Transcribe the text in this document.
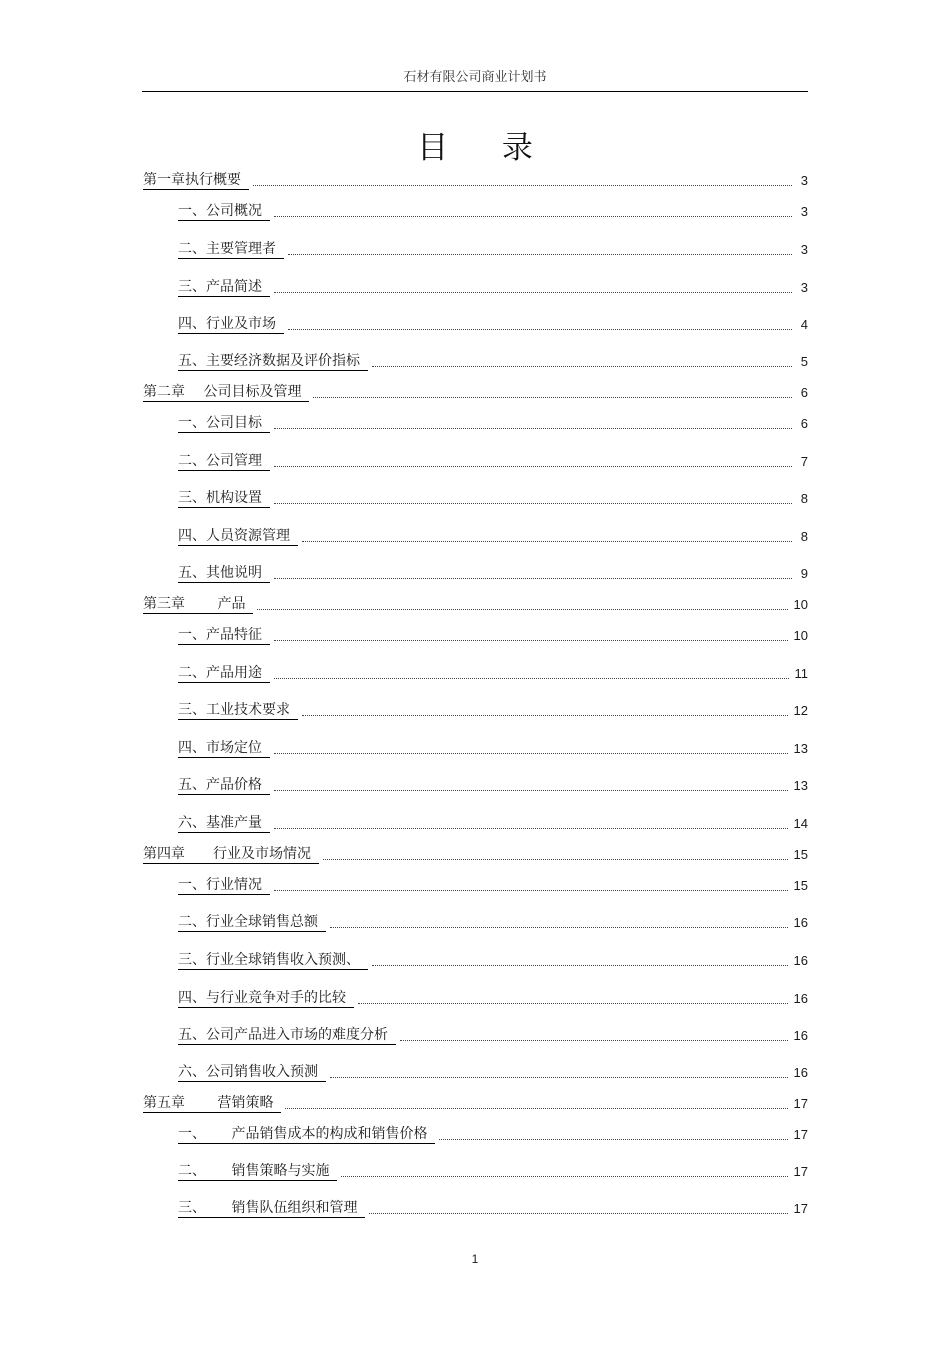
石材有限公司商业计划书
目 录
第一章执行概要	3
一、公司概况	3
二、主要管理者	3
三、产品简述	3
四、行业及市场	4
五、主要经济数据及评价指标	5
第二章　 公司目标及管理	6
一、公司目标	6
二、公司管理	7
三、机构设置	8
四、人员资源管理	8
五、其他说明	9
第三章　　 产品	10
一、产品特征	10
二、产品用途	11
三、工业技术要求	12
四、市场定位	13
五、产品价格	13
六、基准产量	14
第四章　　行业及市场情况	15
一、行业情况	15
二、行业全球销售总额	16
三、行业全球销售收入预测、	16
四、与行业竞争对手的比较	16
五、公司产品进入市场的难度分析	16
六、公司销售收入预测	16
第五章　　 营销策略	17
一、　　 产品销售成本的构成和销售价格	17
二、　　 销售策略与实施	17
三、　　 销售队伍组织和管理	17
1
